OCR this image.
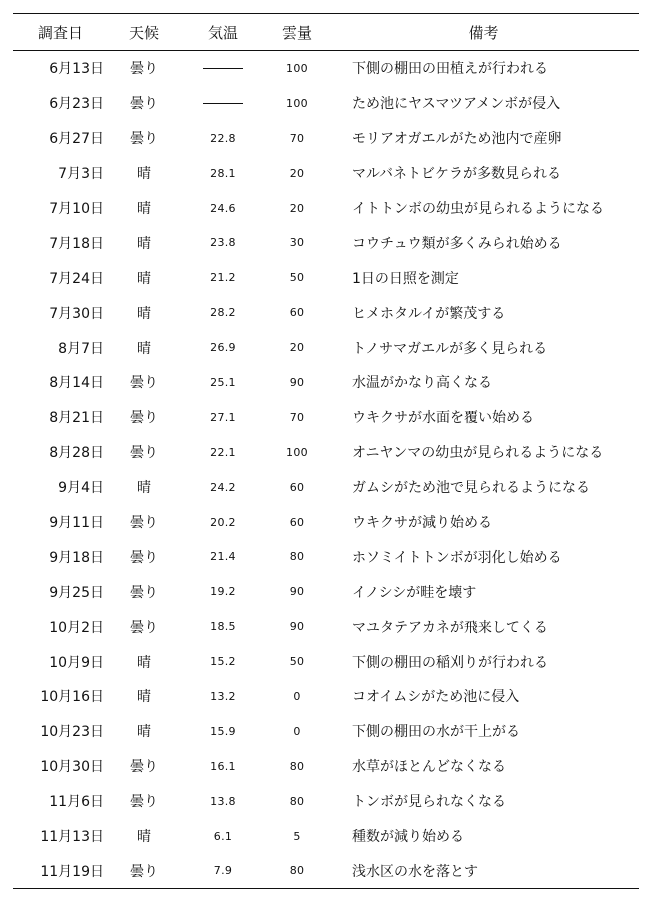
調査日	天候	気温	雲量	備考
6月13日	曇り		100	下側の棚田の田植えが行われる
6月23日	曇り		100	ため池にヤスマツアメンボが侵入
6月27日	曇り	22.8	70	モリアオガエルがため池内で産卵
7月3日	晴	28.1	20	マルバネトビケラが多数見られる
7月10日	晴	24.6	20	イトトンボの幼虫が見られるようになる
7月18日	晴	23.8	30	コウチュウ類が多くみられ始める
7月24日	晴	21.2	50	1日の日照を測定
7月30日	晴	28.2	60	ヒメホタルイが繁茂する
8月7日	晴	26.9	20	トノサマガエルが多く見られる
8月14日	曇り	25.1	90	水温がかなり高くなる
8月21日	曇り	27.1	70	ウキクサが水面を覆い始める
8月28日	曇り	22.1	100	オニヤンマの幼虫が見られるようになる
9月4日	晴	24.2	60	ガムシがため池で見られるようになる
9月11日	曇り	20.2	60	ウキクサが減り始める
9月18日	曇り	21.4	80	ホソミイトトンボが羽化し始める
9月25日	曇り	19.2	90	イノシシが畦を壊す
10月2日	曇り	18.5	90	マユタテアカネが飛来してくる
10月9日	晴	15.2	50	下側の棚田の稲刈りが行われる
10月16日	晴	13.2	0	コオイムシがため池に侵入
10月23日	晴	15.9	0	下側の棚田の水が干上がる
10月30日	曇り	16.1	80	水草がほとんどなくなる
11月6日	曇り	13.8	80	トンボが見られなくなる
11月13日	晴	6.1	5	種数が減り始める
11月19日	曇り	7.9	80	浅水区の水を落とす
